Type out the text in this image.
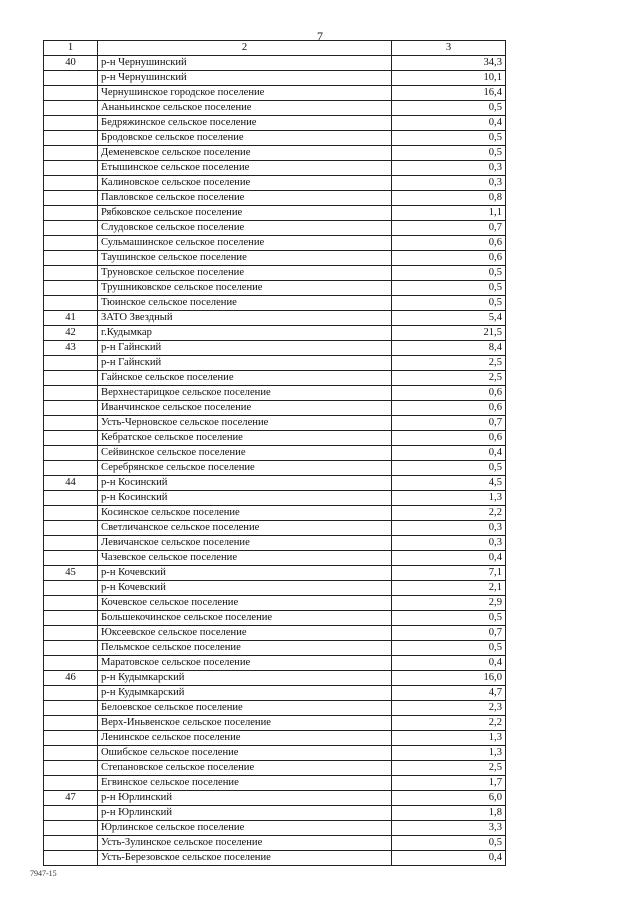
7
1	2	3
40	р-н Чернушинский	34,3
	р-н Чернушинский	10,1
	Чернушинское городское поселение	16,4
	Ананьинское сельское поселение	0,5
	Бедряжинское сельское поселение	0,4
	Бродовское сельское поселение	0,5
	Деменевское сельское поселение	0,5
	Етышинское сельское поселение	0,3
	Калиновское сельское поселение	0,3
	Павловское сельское поселение	0,8
	Рябковское сельское поселение	1,1
	Слудовское сельское поселение	0,7
	Сульмашинское сельское поселение	0,6
	Таушинское сельское поселение	0,6
	Труновское сельское поселение	0,5
	Трушниковское сельское поселение	0,5
	Тюинское сельское поселение	0,5
41	ЗАТО Звездный	5,4
42	г.Кудымкар	21,5
43	р-н Гайнский	8,4
	р-н Гайнский	2,5
	Гайнское сельское поселение	2,5
	Верхнестарицкое сельское поселение	0,6
	Иванчинское сельское поселение	0,6
	Усть-Черновское сельское поселение	0,7
	Кебратское сельское поселение	0,6
	Сейвинское сельское поселение	0,4
	Серебрянское сельское поселение	0,5
44	р-н Косинский	4,5
	р-н Косинский	1,3
	Косинское сельское поселение	2,2
	Светличанское сельское поселение	0,3
	Левичанское сельское поселение	0,3
	Чазевское сельское поселение	0,4
45	р-н Кочевский	7,1
	р-н Кочевский	2,1
	Кочевское сельское поселение	2,9
	Большекочинское сельское поселение	0,5
	Юксеевское сельское поселение	0,7
	Пельмское сельское поселение	0,5
	Маратовское сельское поселение	0,4
46	р-н Кудымкарский	16,0
	р-н Кудымкарский	4,7
	Белоевское сельское поселение	2,3
	Верх-Иньвенское сельское поселение	2,2
	Ленинское сельское поселение	1,3
	Ошибское сельское поселение	1,3
	Степановское сельское поселение	2,5
	Егвинское сельское поселение	1,7
47	р-н Юрлинский	6,0
	р-н Юрлинский	1,8
	Юрлинское сельское поселение	3,3
	Усть-Зулинское сельское поселение	0,5
	Усть-Березовское сельское поселение	0,4
7947-15
